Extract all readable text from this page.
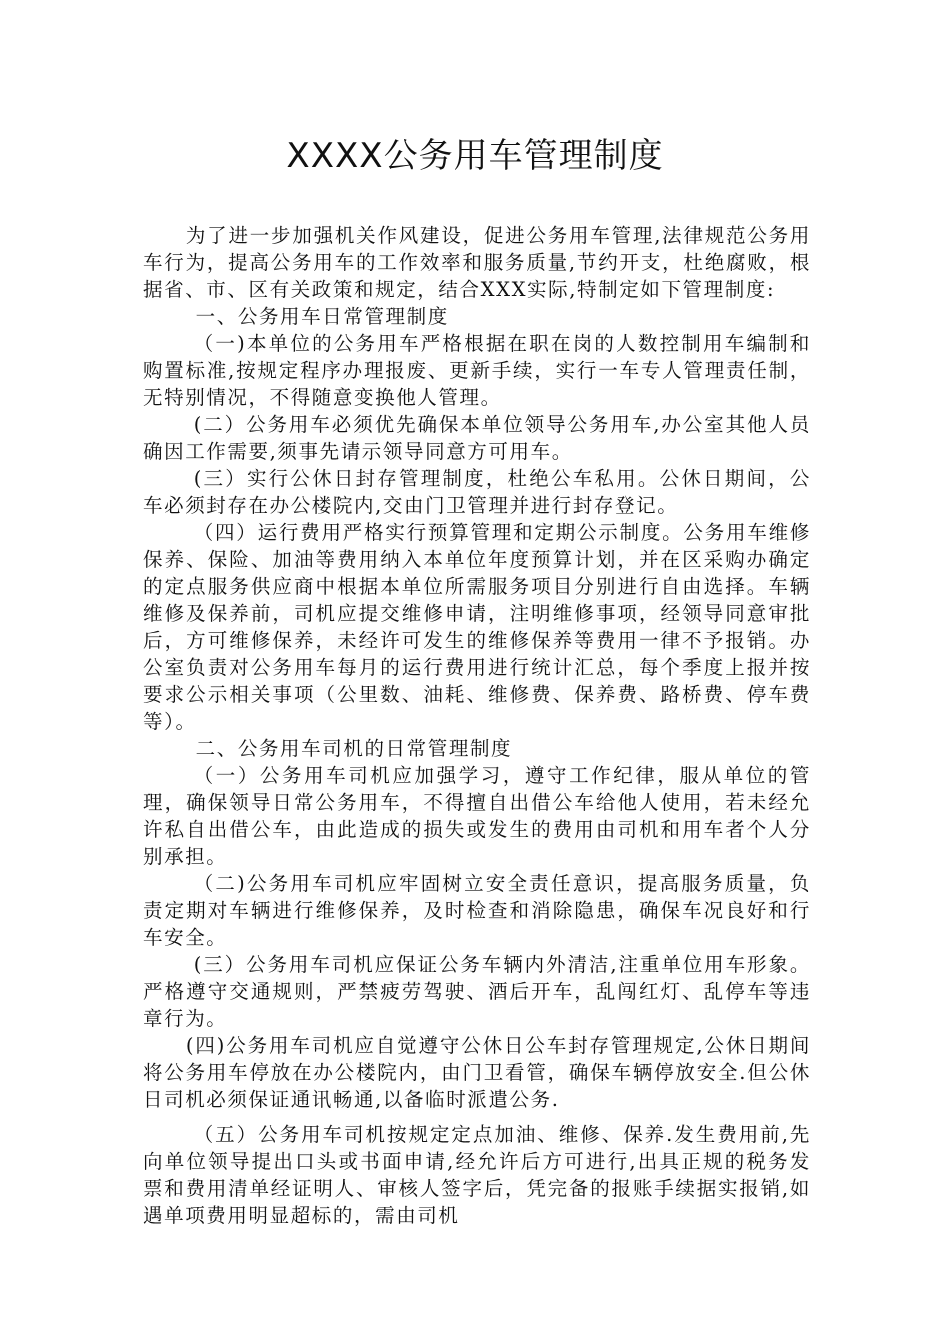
XXXX公务用车管理制度

为了进一步加强机关作风建设，促进公务用车管理,法律规范公务用车行为，提高公务用车的工作效率和服务质量,节约开支，杜绝腐败，根据省、市、区有关政策和规定，结合XXX实际,特制定如下管理制度:

一、公务用车日常管理制度

（一)本单位的公务用车严格根据在职在岗的人数控制用车编制和购置标准,按规定程序办理报废、更新手续，实行一车专人管理责任制，无特别情况，不得随意变换他人管理。

(二）公务用车必须优先确保本单位领导公务用车,办公室其他人员确因工作需要,须事先请示领导同意方可用车。

(三）实行公休日封存管理制度，杜绝公车私用。公休日期间，公车必须封存在办公楼院内,交由门卫管理并进行封存登记。

（四）运行费用严格实行预算管理和定期公示制度。公务用车维修保养、保险、加油等费用纳入本单位年度预算计划，并在区采购办确定的定点服务供应商中根据本单位所需服务项目分别进行自由选择。车辆维修及保养前，司机应提交维修申请，注明维修事项，经领导同意审批后，方可维修保养，未经许可发生的维修保养等费用一律不予报销。办公室负责对公务用车每月的运行费用进行统计汇总，每个季度上报并按要求公示相关事项（公里数、油耗、维修费、保养费、路桥费、停车费等）。

二、公务用车司机的日常管理制度

（一）公务用车司机应加强学习，遵守工作纪律，服从单位的管理，确保领导日常公务用车，不得擅自出借公车给他人使用，若未经允许私自出借公车，由此造成的损失或发生的费用由司机和用车者个人分别承担。

（二)公务用车司机应牢固树立安全责任意识，提高服务质量，负责定期对车辆进行维修保养，及时检查和消除隐患，确保车况良好和行车安全。

(三）公务用车司机应保证公务车辆内外清洁,注重单位用车形象。严格遵守交通规则，严禁疲劳驾驶、酒后开车，乱闯红灯、乱停车等违章行为。

(四)公务用车司机应自觉遵守公休日公车封存管理规定,公休日期间将公务用车停放在办公楼院内，由门卫看管，确保车辆停放安全.但公休日司机必须保证通讯畅通,以备临时派遣公务.

（五）公务用车司机按规定定点加油、维修、保养.发生费用前,先向单位领导提出口头或书面申请,经允许后方可进行,出具正规的税务发票和费用清单经证明人、审核人签字后，凭完备的报账手续据实报销,如遇单项费用明显超标的，需由司机
